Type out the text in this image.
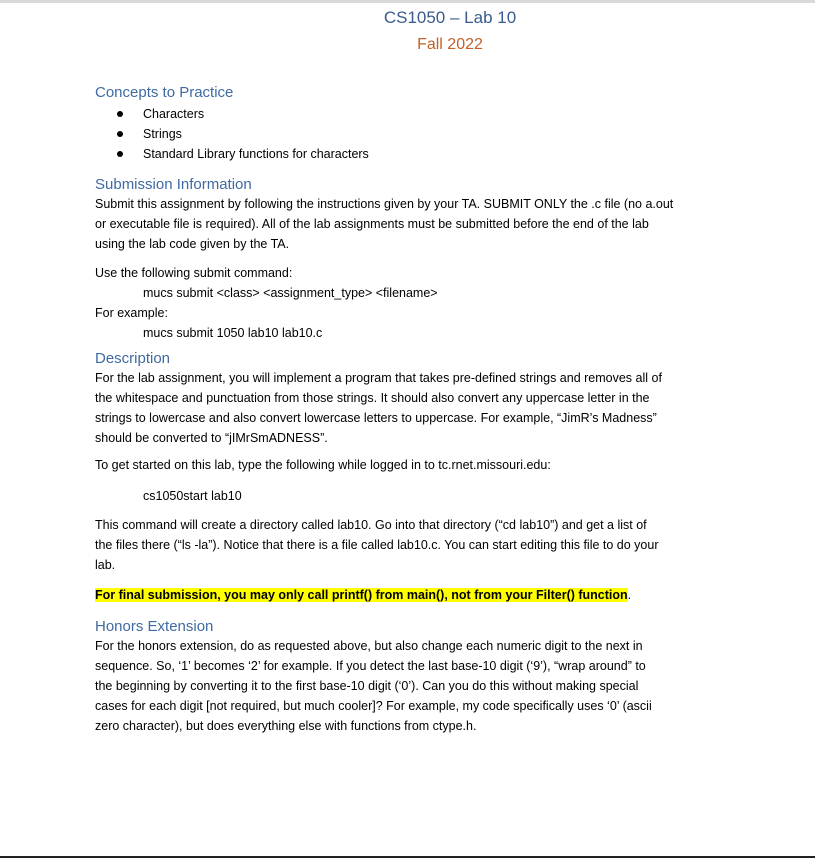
CS1050 – Lab 10
Fall 2022
Concepts to Practice
Characters
Strings
Standard Library functions for characters
Submission Information
Submit this assignment by following the instructions given by your TA. SUBMIT ONLY the .c file (no a.out
or executable file is required). All of the lab assignments must be submitted before the end of the lab
using the lab code given by the TA.
Use the following submit command:
mucs submit <class> <assignment_type> <filename>
For example:
mucs submit 1050 lab10 lab10.c
Description
For the lab assignment, you will implement a program that takes pre-defined strings and removes all of
the whitespace and punctuation from those strings. It should also convert any uppercase letter in the
strings to lowercase and also convert lowercase letters to uppercase. For example, “JimR’s Madness”
should be converted to “jIMrSmADNESS”.
To get started on this lab, type the following while logged in to tc.rnet.missouri.edu:
cs1050start lab10
This command will create a directory called lab10. Go into that directory (“cd lab10”) and get a list of
the files there (“ls -la”). Notice that there is a file called lab10.c. You can start editing this file to do your
lab.
For final submission, you may only call printf() from main(), not from your Filter() function.
Honors Extension
For the honors extension, do as requested above, but also change each numeric digit to the next in
sequence. So, ‘1’ becomes ‘2’ for example. If you detect the last base-10 digit (‘9’), “wrap around” to
the beginning by converting it to the first base-10 digit (‘0’). Can you do this without making special
cases for each digit [not required, but much cooler]? For example, my code specifically uses ‘0’ (ascii
zero character), but does everything else with functions from ctype.h.
